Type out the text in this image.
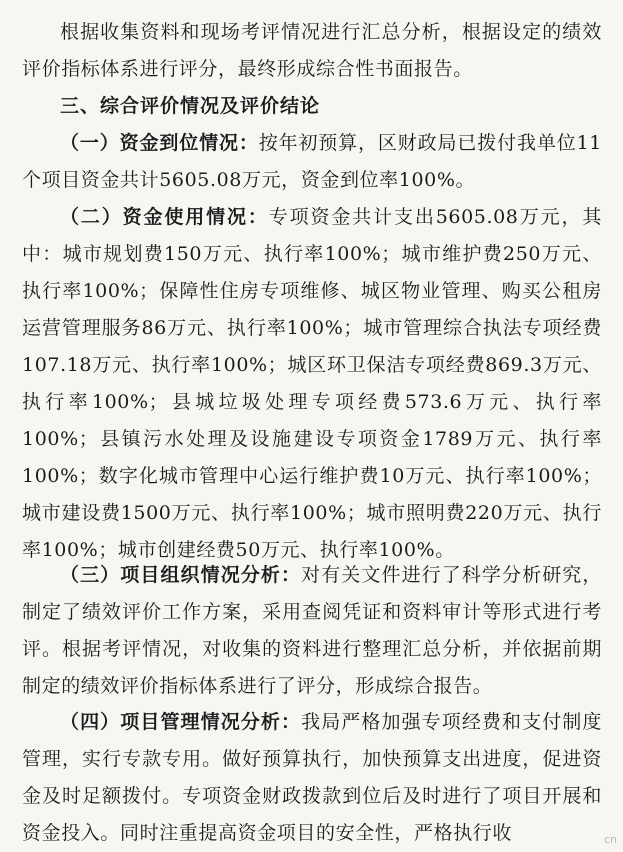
根据收集资料和现场考评情况进行汇总分析，根据设定的绩效评价指标体系进行评分，最终形成综合性书面报告。

三、综合评价情况及评价结论

（一）资金到位情况：按年初预算，区财政局已拨付我单位11个项目资金共计5605.08万元，资金到位率100%。

（二）资金使用情况：专项资金共计支出5605.08万元，其中：城市规划费150万元、执行率100%；城市维护费250万元、执行率100%；保障性住房专项维修、城区物业管理、购买公租房运营管理服务86万元、执行率100%；城市管理综合执法专项经费107.18万元、执行率100%；城区环卫保洁专项经费869.3万元、执行率100%；县城垃圾处理专项经费573.6万元、执行率100%；县镇污水处理及设施建设专项资金1789万元、执行率100%；数字化城市管理中心运行维护费10万元、执行率100%；城市建设费1500万元、执行率100%；城市照明费220万元、执行率100%；城市创建经费50万元、执行率100%。

（三）项目组织情况分析：对有关文件进行了科学分析研究，制定了绩效评价工作方案，采用查阅凭证和资料审计等形式进行考评。根据考评情况，对收集的资料进行整理汇总分析，并依据前期制定的绩效评价指标体系进行了评分，形成综合报告。

（四）项目管理情况分析：我局严格加强专项经费和支付制度管理，实行专款专用。做好预算执行，加快预算支出进度，促进资金及时足额拨付。专项资金财政拨款到位后及时进行了项目开展和资金投入。同时注重提高资金项目的安全性，严格执行收	cn
